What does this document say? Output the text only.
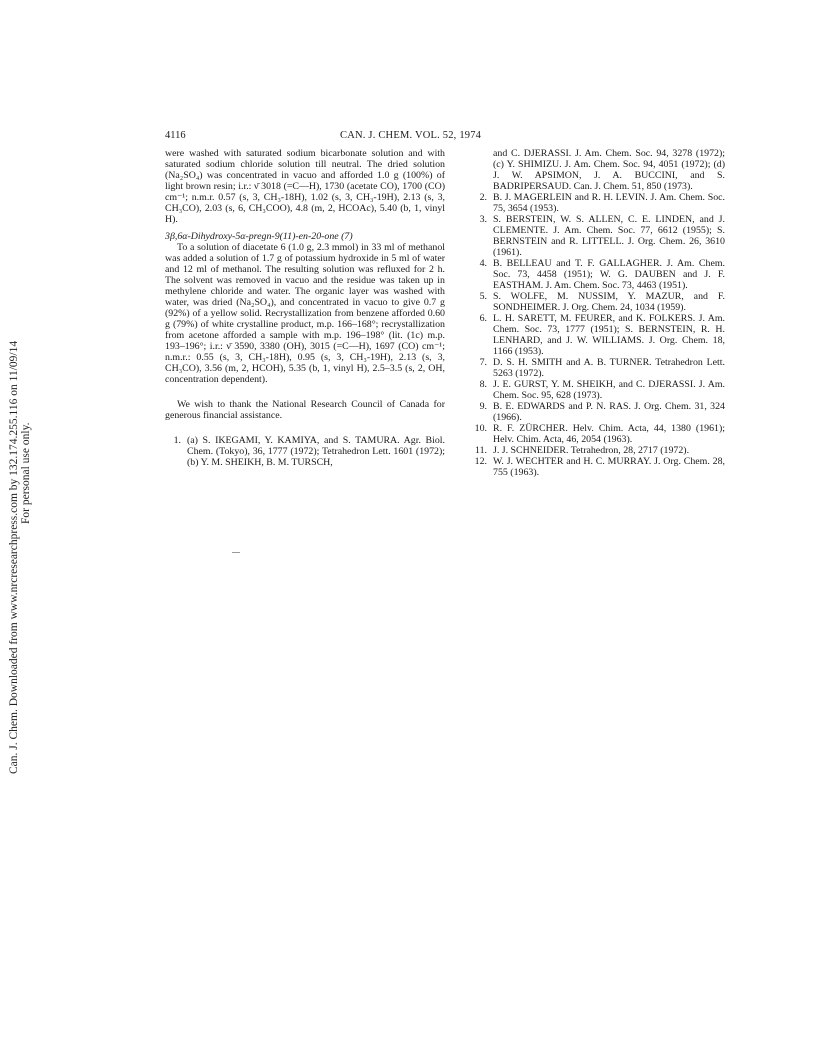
Can. J. Chem. Downloaded from www.nrcresearchpress.com by 132.174.255.116 on 11/09/14 For personal use only.
4116	CAN. J. CHEM. VOL. 52, 1974

were washed with saturated sodium bicarbonate solution and with saturated sodium chloride solution till neutral. The dried solution (Na₂SO₄) was concentrated in vacuo and afforded 1.0 g (100%) of light brown resin; i.r.: ν̄ 3018 (=C—H), 1730 (acetate CO), 1700 (CO) cm⁻¹; n.m.r. 0.57 (s, 3, CH₃-18H), 1.02 (s, 3, CH₃-19H), 2.13 (s, 3, CH₃CO), 2.03 (s, 6, CH₃COO), 4.8 (m, 2, HCOAc), 5.40 (b, 1, vinyl H).

3β,6α-Dihydroxy-5α-pregn-9(11)-en-20-one (7)

To a solution of diacetate 6 (1.0 g, 2.3 mmol) in 33 ml of methanol was added a solution of 1.7 g of potassium hydroxide in 5 ml of water and 12 ml of methanol. The resulting solution was refluxed for 2 h. The solvent was removed in vacuo and the residue was taken up in methylene chloride and water. The organic layer was washed with water, was dried (Na₂SO₄), and concentrated in vacuo to give 0.7 g (92%) of a yellow solid. Recrystallization from benzene afforded 0.60 g (79%) of white crystalline product, m.p. 166–168°; recrystallization from acetone afforded a sample with m.p. 196–198° (lit. (1c) m.p. 193–196°; i.r.: ν̄ 3590, 3380 (OH), 3015 (=C—H), 1697 (CO) cm⁻¹; n.m.r.: 0.55 (s, 3, CH₃-18H), 0.95 (s, 3, CH₃-19H), 2.13 (s, 3, CH₃CO), 3.56 (m, 2, HCOH), 5.35 (b, 1, vinyl H), 2.5–3.5 (s, 2, OH, concentration dependent).

We wish to thank the National Research Council of Canada for generous financial assistance.

1. (a) S. IKEGAMI, Y. KAMIYA, and S. TAMURA. Agr. Biol. Chem. (Tokyo), 36, 1777 (1972); Tetrahedron Lett. 1601 (1972); (b) Y. M. SHEIKH, B. M. TURSCH,
and C. DJERASSI. J. Am. Chem. Soc. 94, 3278 (1972); (c) Y. SHIMIZU. J. Am. Chem. Soc. 94, 4051 (1972); (d) J. W. APSIMON, J. A. BUCCINI, and S. BADRIPERSAUD. Can. J. Chem. 51, 850 (1973).
2. B. J. MAGERLEIN and R. H. LEVIN. J. Am. Chem. Soc. 75, 3654 (1953).
3. S. BERSTEIN, W. S. ALLEN, C. E. LINDEN, and J. CLEMENTE. J. Am. Chem. Soc. 77, 6612 (1955); S. BERNSTEIN and R. LITTELL. J. Org. Chem. 26, 3610 (1961).
4. B. BELLEAU and T. F. GALLAGHER. J. Am. Chem. Soc. 73, 4458 (1951); W. G. DAUBEN and J. F. EASTHAM. J. Am. Chem. Soc. 73, 4463 (1951).
5. S. WOLFE, M. NUSSIM, Y. MAZUR, and F. SONDHEIMER. J. Org. Chem. 24, 1034 (1959).
6. L. H. SARETT, M. FEURER, and K. FOLKERS. J. Am. Chem. Soc. 73, 1777 (1951); S. BERNSTEIN, R. H. LENHARD, and J. W. WILLIAMS. J. Org. Chem. 18, 1166 (1953).
7. D. S. H. SMITH and A. B. TURNER. Tetrahedron Lett. 5263 (1972).
8. J. E. GURST, Y. M. SHEIKH, and C. DJERASSI. J. Am. Chem. Soc. 95, 628 (1973).
9. B. E. EDWARDS and P. N. RAS. J. Org. Chem. 31, 324 (1966).
10. R. F. ZÜRCHER. Helv. Chim. Acta, 44, 1380 (1961); Helv. Chim. Acta, 46, 2054 (1963).
11. J. J. SCHNEIDER. Tetrahedron, 28, 2717 (1972).
12. W. J. WECHTER and H. C. MURRAY. J. Org. Chem. 28, 755 (1963).
